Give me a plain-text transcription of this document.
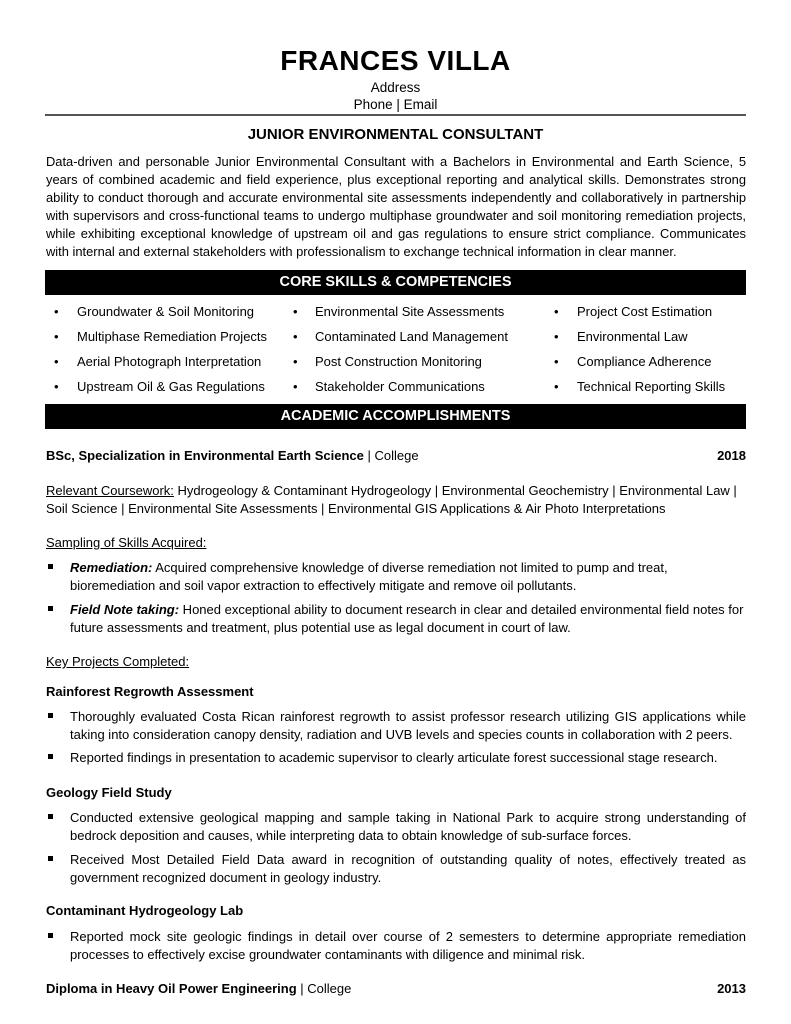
FRANCES VILLA
Address
Phone | Email
JUNIOR ENVIRONMENTAL CONSULTANT
Data-driven and personable Junior Environmental Consultant with a Bachelors in Environmental and Earth Science, 5 years of combined academic and field experience, plus exceptional reporting and analytical skills. Demonstrates strong ability to conduct thorough and accurate environmental site assessments independently and collaboratively in partnership with supervisors and cross-functional teams to undergo multiphase groundwater and soil monitoring remediation projects, while exhibiting exceptional knowledge of upstream oil and gas regulations to ensure strict compliance. Communicates with internal and external stakeholders with professionalism to exchange technical information in clear manner.
CORE SKILLS & COMPETENCIES
• Groundwater & Soil Monitoring
• Multiphase Remediation Projects
• Aerial Photograph Interpretation
• Upstream Oil & Gas Regulations
• Environmental Site Assessments
• Contaminated Land Management
• Post Construction Monitoring
• Stakeholder Communications
• Project Cost Estimation
• Environmental Law
• Compliance Adherence
• Technical Reporting Skills
ACADEMIC ACCOMPLISHMENTS
BSc, Specialization in Environmental Earth Science | College	2018
Relevant Coursework: Hydrogeology & Contaminant Hydrogeology | Environmental Geochemistry | Environmental Law | Soil Science | Environmental Site Assessments | Environmental GIS Applications & Air Photo Interpretations
Sampling of Skills Acquired:
Remediation: Acquired comprehensive knowledge of diverse remediation not limited to pump and treat, bioremediation and soil vapor extraction to effectively mitigate and remove oil pollutants.
Field Note taking: Honed exceptional ability to document research in clear and detailed environmental field notes for future assessments and treatment, plus potential use as legal document in court of law.
Key Projects Completed:
Rainforest Regrowth Assessment
Thoroughly evaluated Costa Rican rainforest regrowth to assist professor research utilizing GIS applications while taking into consideration canopy density, radiation and UVB levels and species counts in collaboration with 2 peers.
Reported findings in presentation to academic supervisor to clearly articulate forest successional stage research.
Geology Field Study
Conducted extensive geological mapping and sample taking in National Park to acquire strong understanding of bedrock deposition and causes, while interpreting data to obtain knowledge of sub-surface forces.
Received Most Detailed Field Data award in recognition of outstanding quality of notes, effectively treated as government recognized document in geology industry.
Contaminant Hydrogeology Lab
Reported mock site geologic findings in detail over course of 2 semesters to determine appropriate remediation processes to effectively excise groundwater contaminants with diligence and minimal risk.
Diploma in Heavy Oil Power Engineering | College	2013
